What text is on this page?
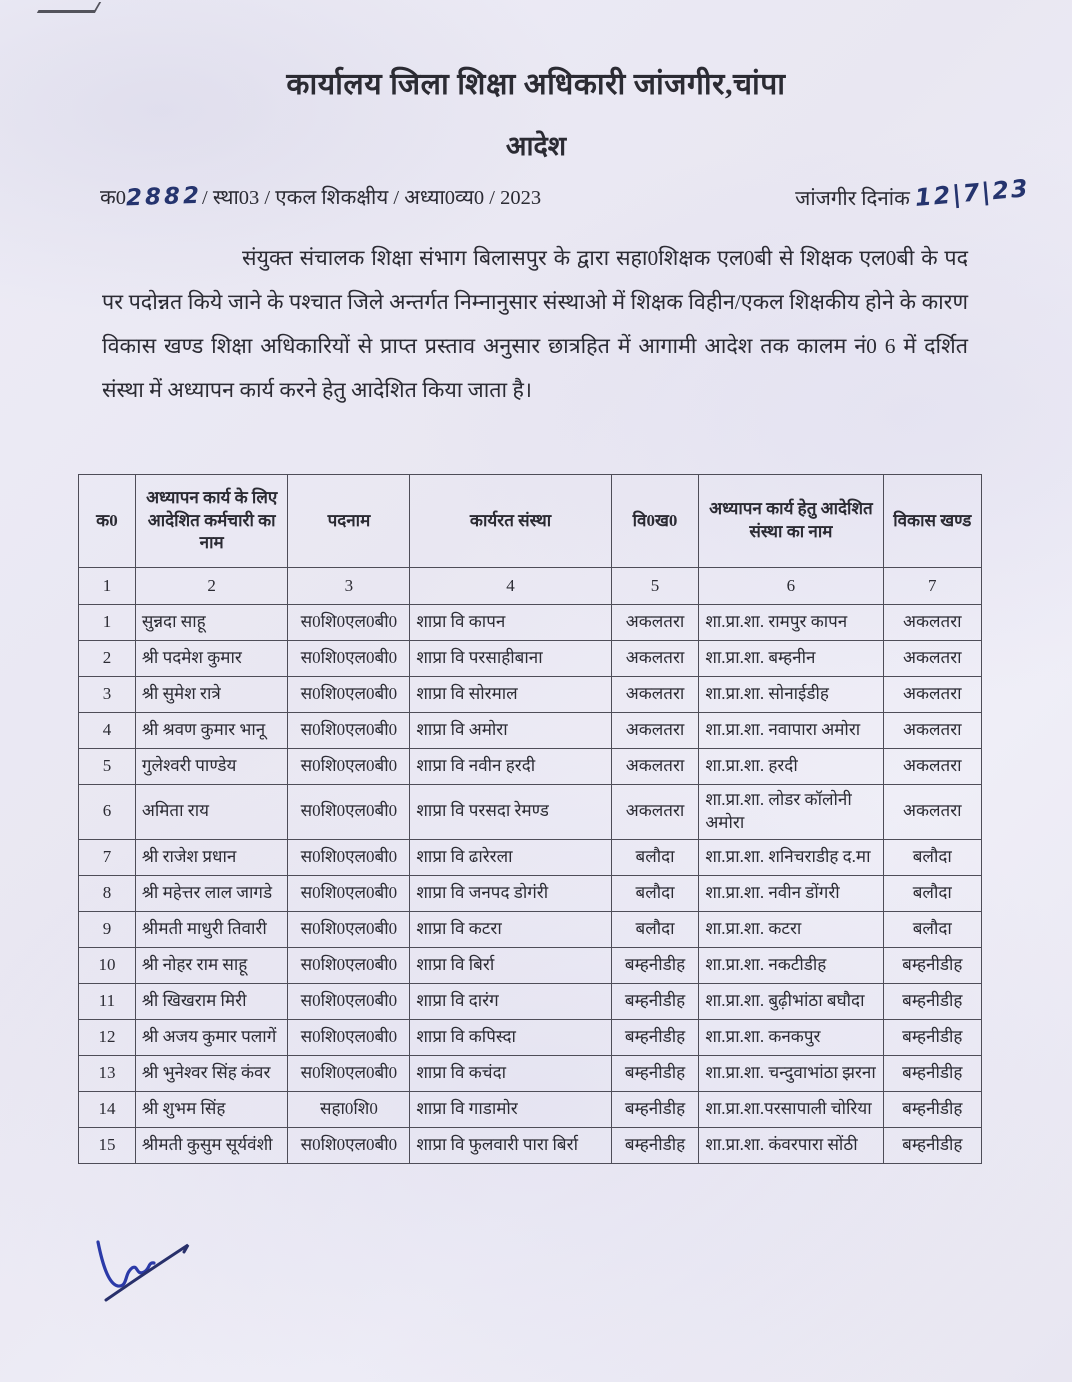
कार्यालय जिला शिक्षा अधिकारी जांजगीर,चांपा
आदेश
क02882/ स्था03 / एकल शिकक्षीय / अध्या0व्य0 / 2023	जांजगीर दिनांक 12|7|23
संयुक्त संचालक शिक्षा संभाग बिलासपुर के द्वारा सहा0शिक्षक एल0बी से शिक्षक एल0बी के पद पर पदोन्नत किये जाने के पश्चात जिले अन्तर्गत निम्नानुसार संस्थाओ में शिक्षक विहीन/एकल शिक्षकीय होने के कारण विकास खण्ड शिक्षा अधिकारियों से प्राप्त प्रस्ताव अनुसार छात्रहित में आगामी आदेश तक कालम नं0 6 में दर्शित संस्था में अध्यापन कार्य करने हेतु आदेशित किया जाता है।
क0	अध्यापन कार्य के लिए आदेशित कर्मचारी का नाम	पदनाम	कार्यरत संस्था	वि0ख0	अध्यापन कार्य हेतु आदेशित संस्था का नाम	विकास खण्ड
1	2	3	4	5	6	7
1	सुन्नदा साहू	स0शि0एल0बी0	शाप्रा वि कापन	अकलतरा	शा.प्रा.शा. रामपुर कापन	अकलतरा
2	श्री पदमेश कुमार	स0शि0एल0बी0	शाप्रा वि परसाहीबाना	अकलतरा	शा.प्रा.शा. बम्हनीन	अकलतरा
3	श्री सुमेश रात्रे	स0शि0एल0बी0	शाप्रा वि सोरमाल	अकलतरा	शा.प्रा.शा. सोनाईडीह	अकलतरा
4	श्री श्रवण कुमार भानू	स0शि0एल0बी0	शाप्रा वि अमोरा	अकलतरा	शा.प्रा.शा. नवापारा अमोरा	अकलतरा
5	गुलेश्वरी पाण्डेय	स0शि0एल0बी0	शाप्रा वि नवीन हरदी	अकलतरा	शा.प्रा.शा. हरदी	अकलतरा
6	अमिता राय	स0शि0एल0बी0	शाप्रा वि परसदा रेमण्ड	अकलतरा	शा.प्रा.शा. लोडर कॉलोनी अमोरा	अकलतरा
7	श्री राजेश प्रधान	स0शि0एल0बी0	शाप्रा वि ढारेरला	बलौदा	शा.प्रा.शा. शनिचराडीह द.मा	बलौदा
8	श्री महेत्तर लाल जागडे	स0शि0एल0बी0	शाप्रा वि जनपद डोगंरी	बलौदा	शा.प्रा.शा. नवीन डोंगरी	बलौदा
9	श्रीमती माधुरी तिवारी	स0शि0एल0बी0	शाप्रा वि कटरा	बलौदा	शा.प्रा.शा. कटरा	बलौदा
10	श्री नोहर राम साहू	स0शि0एल0बी0	शाप्रा वि बिर्रा	बम्हनीडीह	शा.प्रा.शा. नकटीडीह	बम्हनीडीह
11	श्री खिखराम मिरी	स0शि0एल0बी0	शाप्रा वि दारंग	बम्हनीडीह	शा.प्रा.शा. बुढ़ीभांठा बघौदा	बम्हनीडीह
12	श्री अजय कुमार पलागें	स0शि0एल0बी0	शाप्रा वि कपिस्दा	बम्हनीडीह	शा.प्रा.शा. कनकपुर	बम्हनीडीह
13	श्री भुनेश्वर सिंह कंवर	स0शि0एल0बी0	शाप्रा वि कचंदा	बम्हनीडीह	शा.प्रा.शा. चन्दुवाभांठा झरना	बम्हनीडीह
14	श्री शुभम सिंह	सहा0शि0	शाप्रा वि गाडामोर	बम्हनीडीह	शा.प्रा.शा.परसापाली चोरिया	बम्हनीडीह
15	श्रीमती कुसुम सूर्यवंशी	स0शि0एल0बी0	शाप्रा वि फुलवारी पारा बिर्रा	बम्हनीडीह	शा.प्रा.शा. कंवरपारा सोंठी	बम्हनीडीह
